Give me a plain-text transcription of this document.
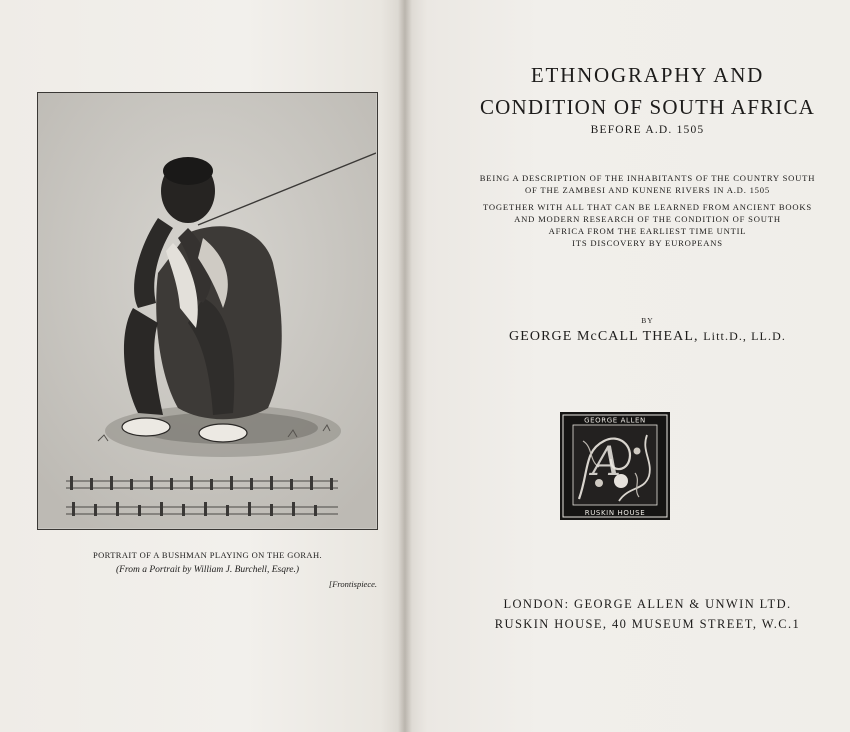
PORTRAIT OF A BUSHMAN PLAYING ON THE GORAH.
(From a Portrait by William J. Burchell, Esqre.)
[Frontispiece.
ETHNOGRAPHY AND
CONDITION OF SOUTH AFRICA
BEFORE A.D. 1505
BEING A DESCRIPTION OF THE INHABITANTS OF THE COUNTRY SOUTH
OF THE ZAMBESI AND KUNENE RIVERS IN A.D. 1505
TOGETHER WITH ALL THAT CAN BE LEARNED FROM ANCIENT BOOKS
AND MODERN RESEARCH OF THE CONDITION OF SOUTH
AFRICA FROM THE EARLIEST TIME UNTIL
ITS DISCOVERY BY EUROPEANS
BY
GEORGE McCALL THEAL, Litt.D., LL.D.
A
GEORGE ALLEN
RUSKIN HOUSE
LONDON: GEORGE ALLEN & UNWIN LTD.
RUSKIN HOUSE, 40 MUSEUM STREET, W.C.1
